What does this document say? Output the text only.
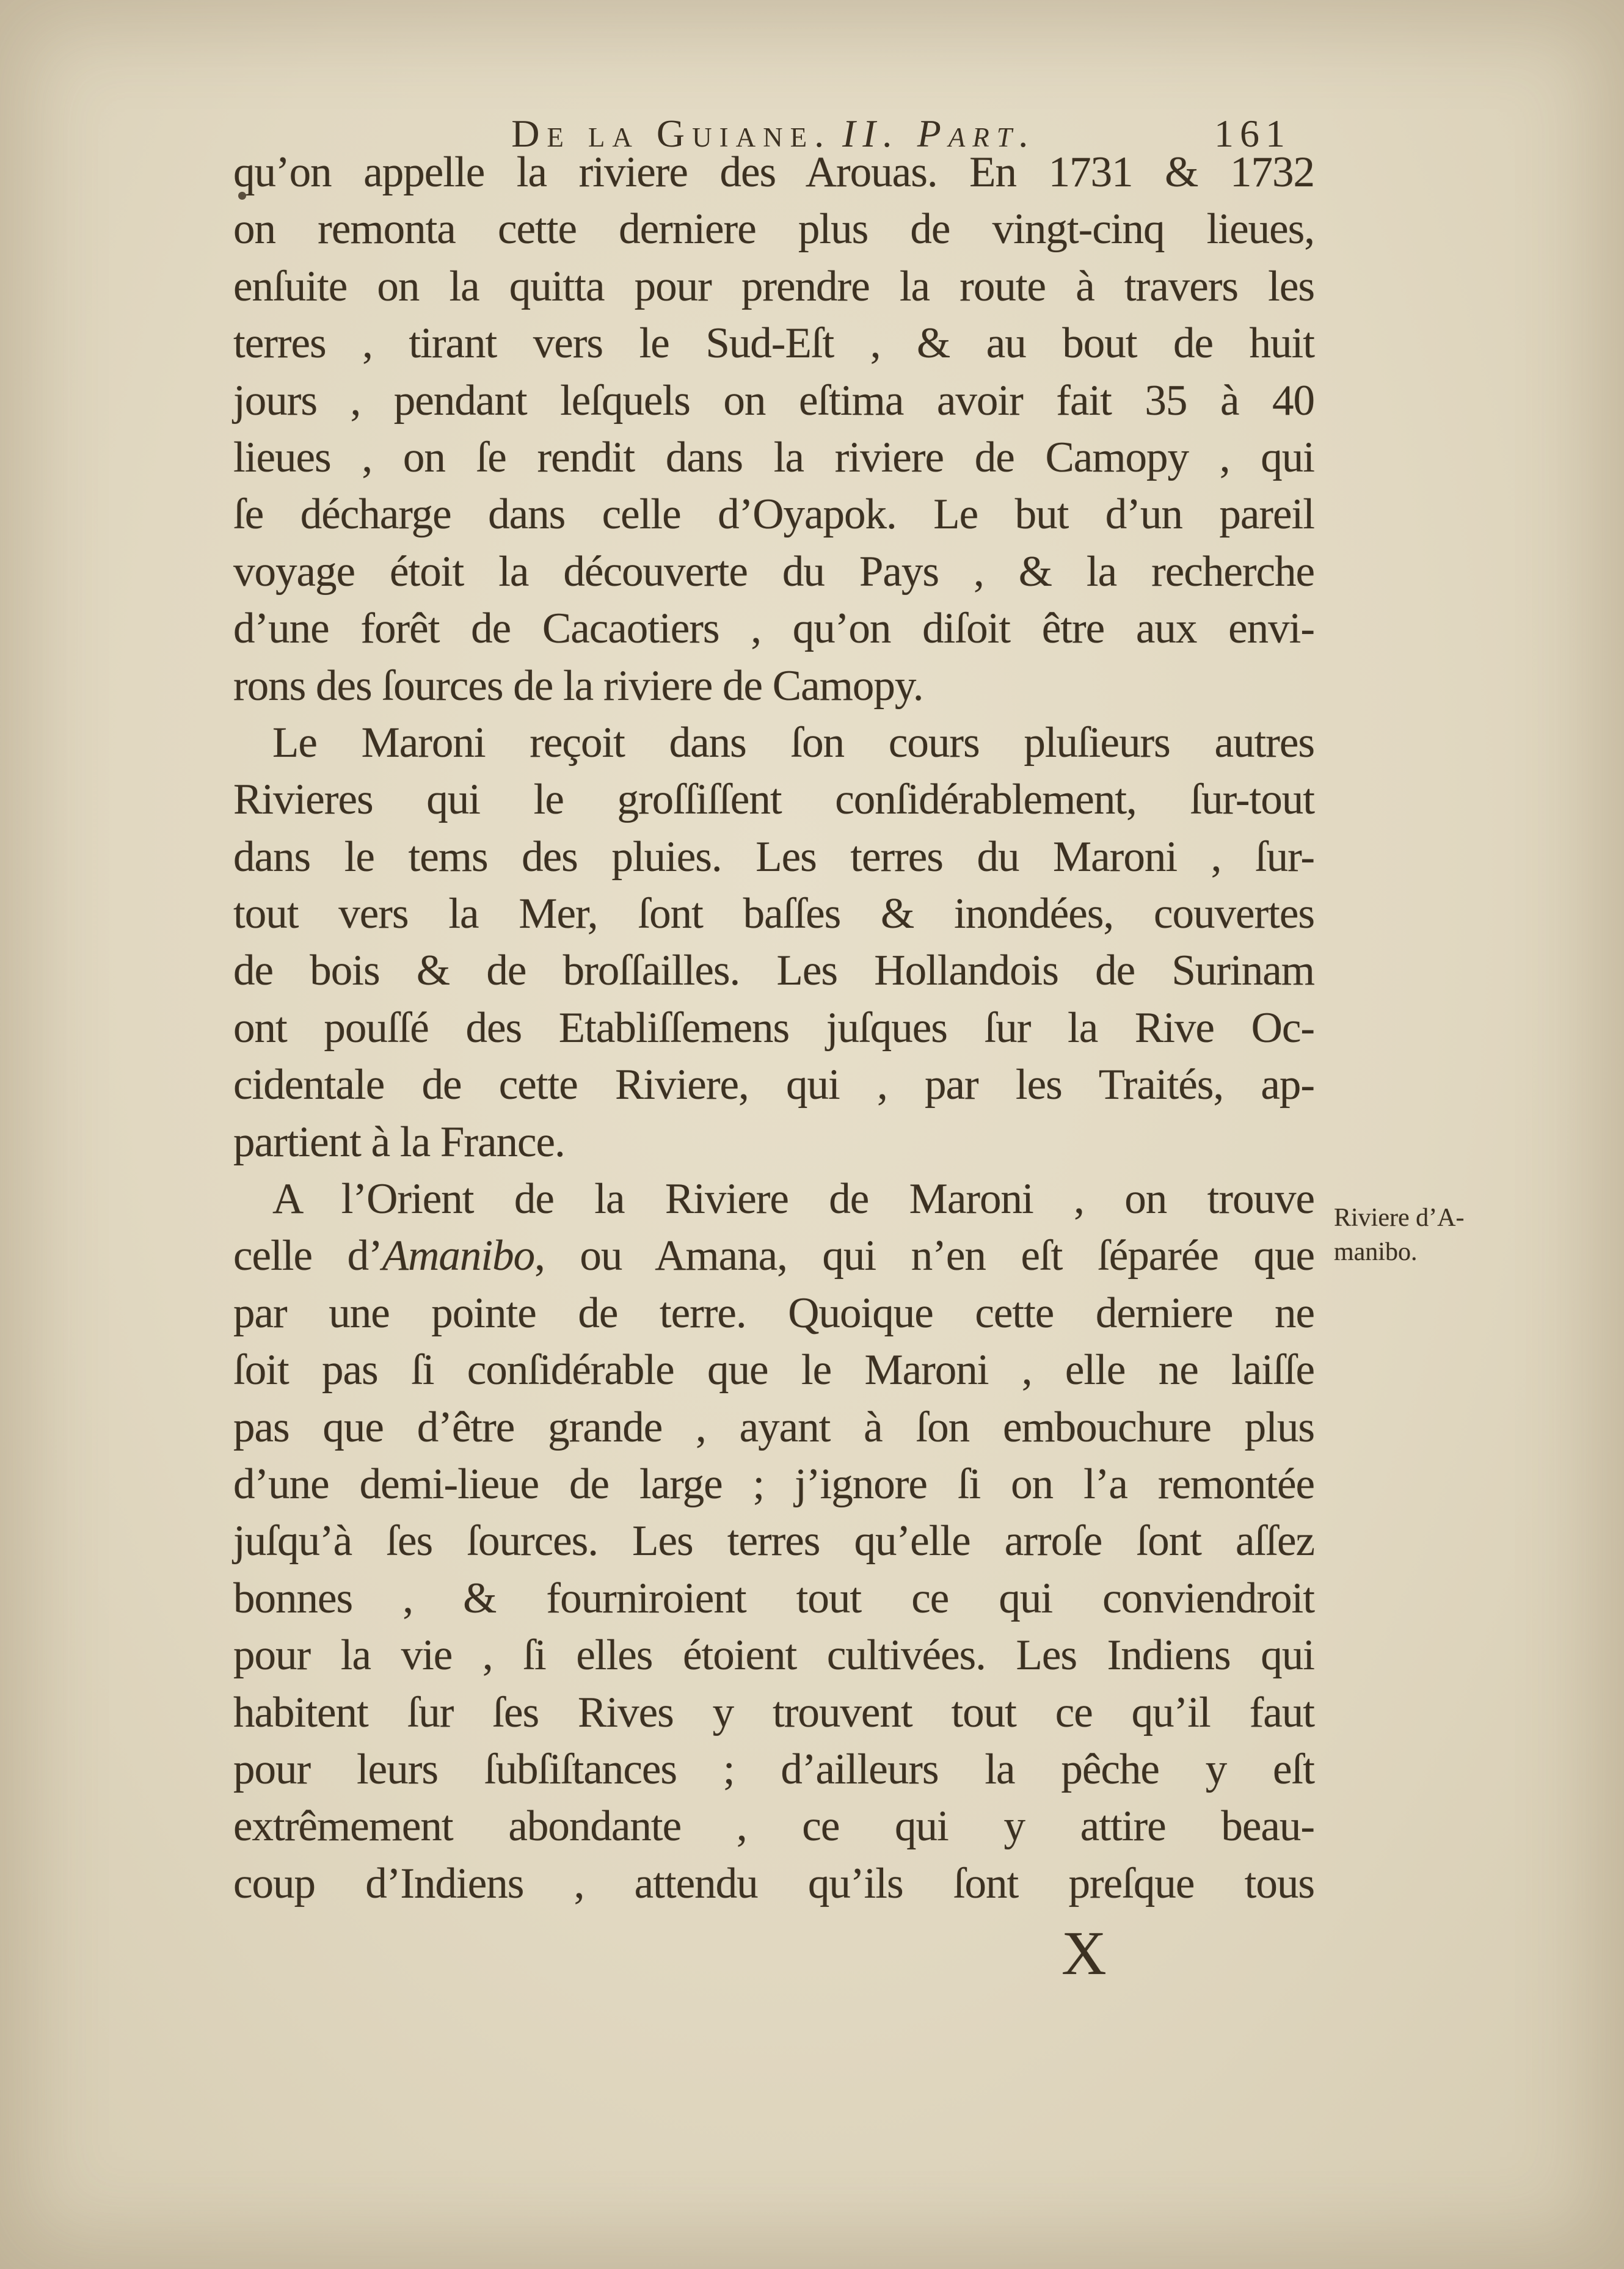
De la Guiane. II. Part.	161
qu’on appelle la riviere des Arouas. En 1731 & 1732
on remonta cette derniere plus de vingt-cinq lieues,
enſuite on la quitta pour prendre la route à travers les
terres , tirant vers le Sud-Eſt , & au bout de huit
jours , pendant leſquels on eſtima avoir fait 35 à 40
lieues , on ſe rendit dans la riviere de Camopy , qui
ſe décharge dans celle d’Oyapok. Le but d’un pareil
voyage étoit la découverte du Pays , & la recherche
d’une forêt de Cacaotiers , qu’on diſoit être aux envi-
rons des ſources de la riviere de Camopy.
Le Maroni reçoit dans ſon cours pluſieurs autres
Rivieres qui le groſſiſſent conſidérablement, ſur-tout
dans le tems des pluies. Les terres du Maroni , ſur-
tout vers la Mer, ſont baſſes & inondées, couvertes
de bois & de broſſailles. Les Hollandois de Surinam
ont pouſſé des Etabliſſemens juſques ſur la Rive Oc-
cidentale de cette Riviere, qui , par les Traités, ap-
partient à la France.
A l’Orient de la Riviere de Maroni , on trouve
celle d’Amanibo, ou Amana, qui n’en eſt ſéparée que
par une pointe de terre. Quoique cette derniere ne
ſoit pas ſi conſidérable que le Maroni , elle ne laiſſe
pas que d’être grande , ayant à ſon embouchure plus
d’une demi-lieue de large ; j’ignore ſi on l’a remontée
juſqu’à ſes ſources. Les terres qu’elle arroſe ſont aſſez
bonnes , & fourniroient tout ce qui conviendroit
pour la vie , ſi elles étoient cultivées. Les Indiens qui
habitent ſur ſes Rives y trouvent tout ce qu’il faut
pour leurs ſubſiſtances ; d’ailleurs la pêche y eſt
extrêmement abondante , ce qui y attire beau-
coup d’Indiens , attendu qu’ils ſont preſque tous
Riviere d’A-
manibo.
X
